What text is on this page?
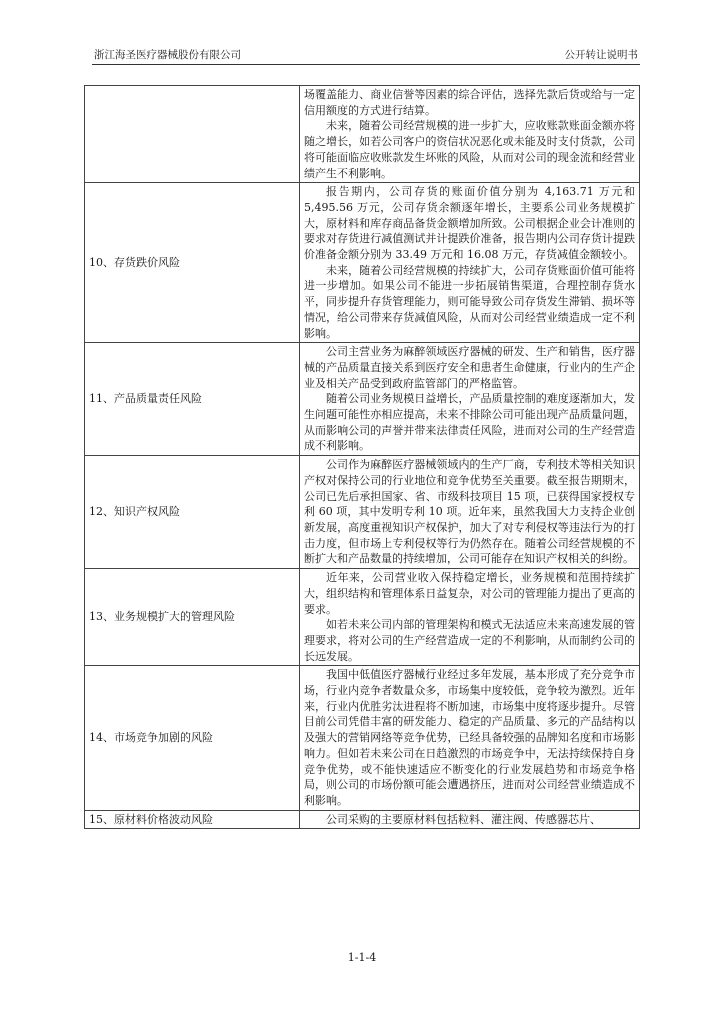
浙江海圣医疗器械股份有限公司	公开转让说明书

	场覆盖能力、商业信誉等因素的综合评估，选择先款后货或给与一定信用额度的方式进行结算。
未来，随着公司经营规模的进一步扩大，应收账款账面金额亦将随之增长，如若公司客户的资信状况恶化或未能及时支付货款，公司将可能面临应收账款发生坏账的风险，从而对公司的现金流和经营业绩产生不利影响。

10、存货跌价风险	报告期内，公司存货的账面价值分别为 4,163.71 万元和 5,495.56 万元，公司存货余额逐年增长，主要系公司业务规模扩大，原材料和库存商品备货金额增加所致。公司根据企业会计准则的要求对存货进行减值测试并计提跌价准备，报告期内公司存货计提跌价准备金额分别为 33.49 万元和 16.08 万元，存货减值金额较小。
未来，随着公司经营规模的持续扩大，公司存货账面价值可能将进一步增加。如果公司不能进一步拓展销售渠道，合理控制存货水平，同步提升存货管理能力，则可能导致公司存货发生滞销、损坏等情况，给公司带来存货减值风险，从而对公司经营业绩造成一定不利影响。

11、产品质量责任风险	公司主营业务为麻醉领域医疗器械的研发、生产和销售，医疗器械的产品质量直接关系到医疗安全和患者生命健康，行业内的生产企业及相关产品受到政府监管部门的严格监管。
随着公司业务规模日益增长，产品质量控制的难度逐渐加大，发生问题可能性亦相应提高，未来不排除公司可能出现产品质量问题，从而影响公司的声誉并带来法律责任风险，进而对公司的生产经营造成不利影响。

12、知识产权风险	公司作为麻醉医疗器械领域内的生产厂商，专利技术等相关知识产权对保持公司的行业地位和竞争优势至关重要。截至报告期期末，公司已先后承担国家、省、市级科技项目 15 项，已获得国家授权专利 60 项，其中发明专利 10 项。近年来，虽然我国大力支持企业创新发展，高度重视知识产权保护，加大了对专利侵权等违法行为的打击力度，但市场上专利侵权等行为仍然存在。随着公司经营规模的不断扩大和产品数量的持续增加，公司可能存在知识产权相关的纠纷。

13、业务规模扩大的管理风险	近年来，公司营业收入保持稳定增长，业务规模和范围持续扩大，组织结构和管理体系日益复杂，对公司的管理能力提出了更高的要求。
如若未来公司内部的管理架构和模式无法适应未来高速发展的管理要求，将对公司的生产经营造成一定的不利影响，从而制约公司的长远发展。

14、市场竞争加剧的风险	我国中低值医疗器械行业经过多年发展，基本形成了充分竞争市场，行业内竞争者数量众多，市场集中度较低，竞争较为激烈。近年来，行业内优胜劣汰进程将不断加速，市场集中度将逐步提升。尽管目前公司凭借丰富的研发能力、稳定的产品质量、多元的产品结构以及强大的营销网络等竞争优势，已经具备较强的品牌知名度和市场影响力。但如若未来公司在日趋激烈的市场竞争中，无法持续保持自身竞争优势，或不能快速适应不断变化的行业发展趋势和市场竞争格局，则公司的市场份额可能会遭遇挤压，进而对公司经营业绩造成不利影响。

15、原材料价格波动风险	公司采购的主要原材料包括粒料、灌注阀、传感器芯片、
1-1-4
